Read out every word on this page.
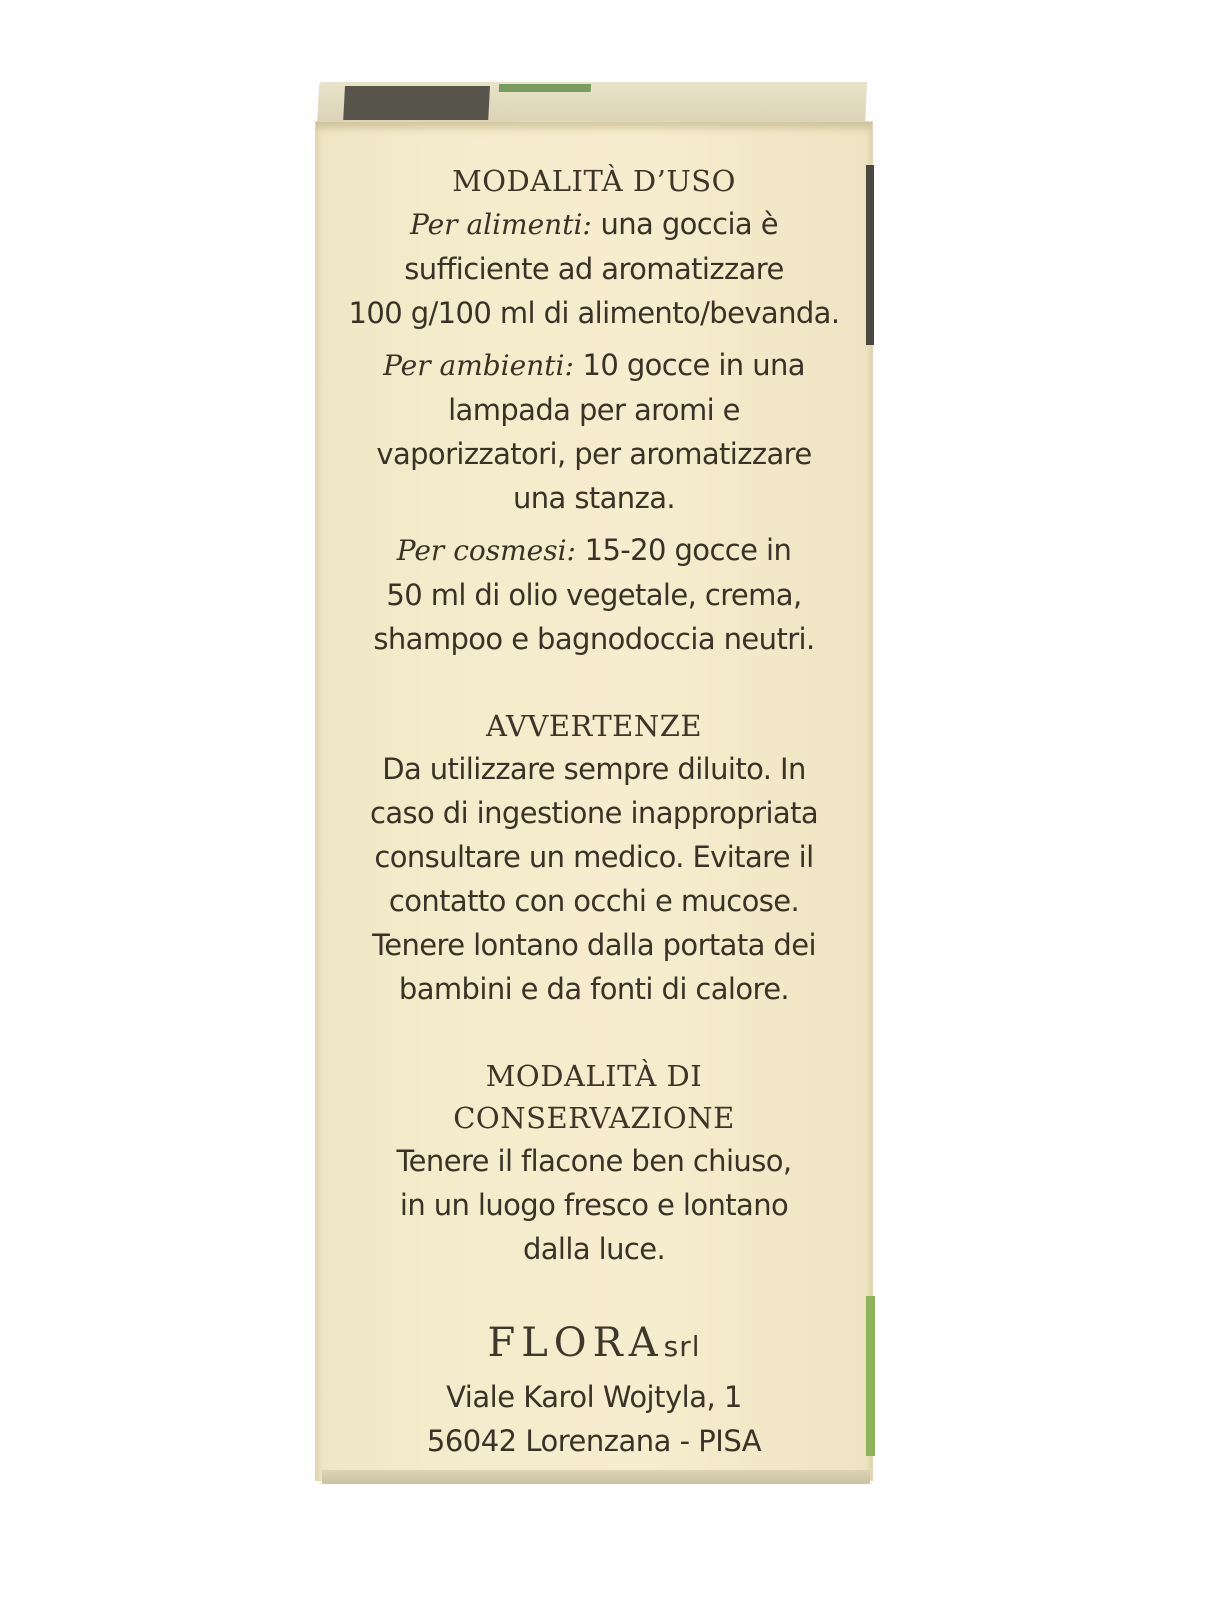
MODALITÀ D’USO

Per alimenti: una goccia è

sufficiente ad aromatizzare

100 g/100 ml di alimento/bevanda.

Per ambienti: 10 gocce in una

lampada per aromi e

vaporizzatori, per aromatizzare

una stanza.

Per cosmesi: 15-20 gocce in

50 ml di olio vegetale, crema,

shampoo e bagnodoccia neutri.

AVVERTENZE

Da utilizzare sempre diluito. In

caso di ingestione inappropriata

consultare un medico. Evitare il

contatto con occhi e mucose.

Tenere lontano dalla portata dei

bambini e da fonti di calore.

MODALITÀ DI

CONSERVAZIONE

Tenere il flacone ben chiuso,

in un luogo fresco e lontano

dalla luce.

FLORAsrl

Viale Karol Wojtyla, 1

56042 Lorenzana - PISA
